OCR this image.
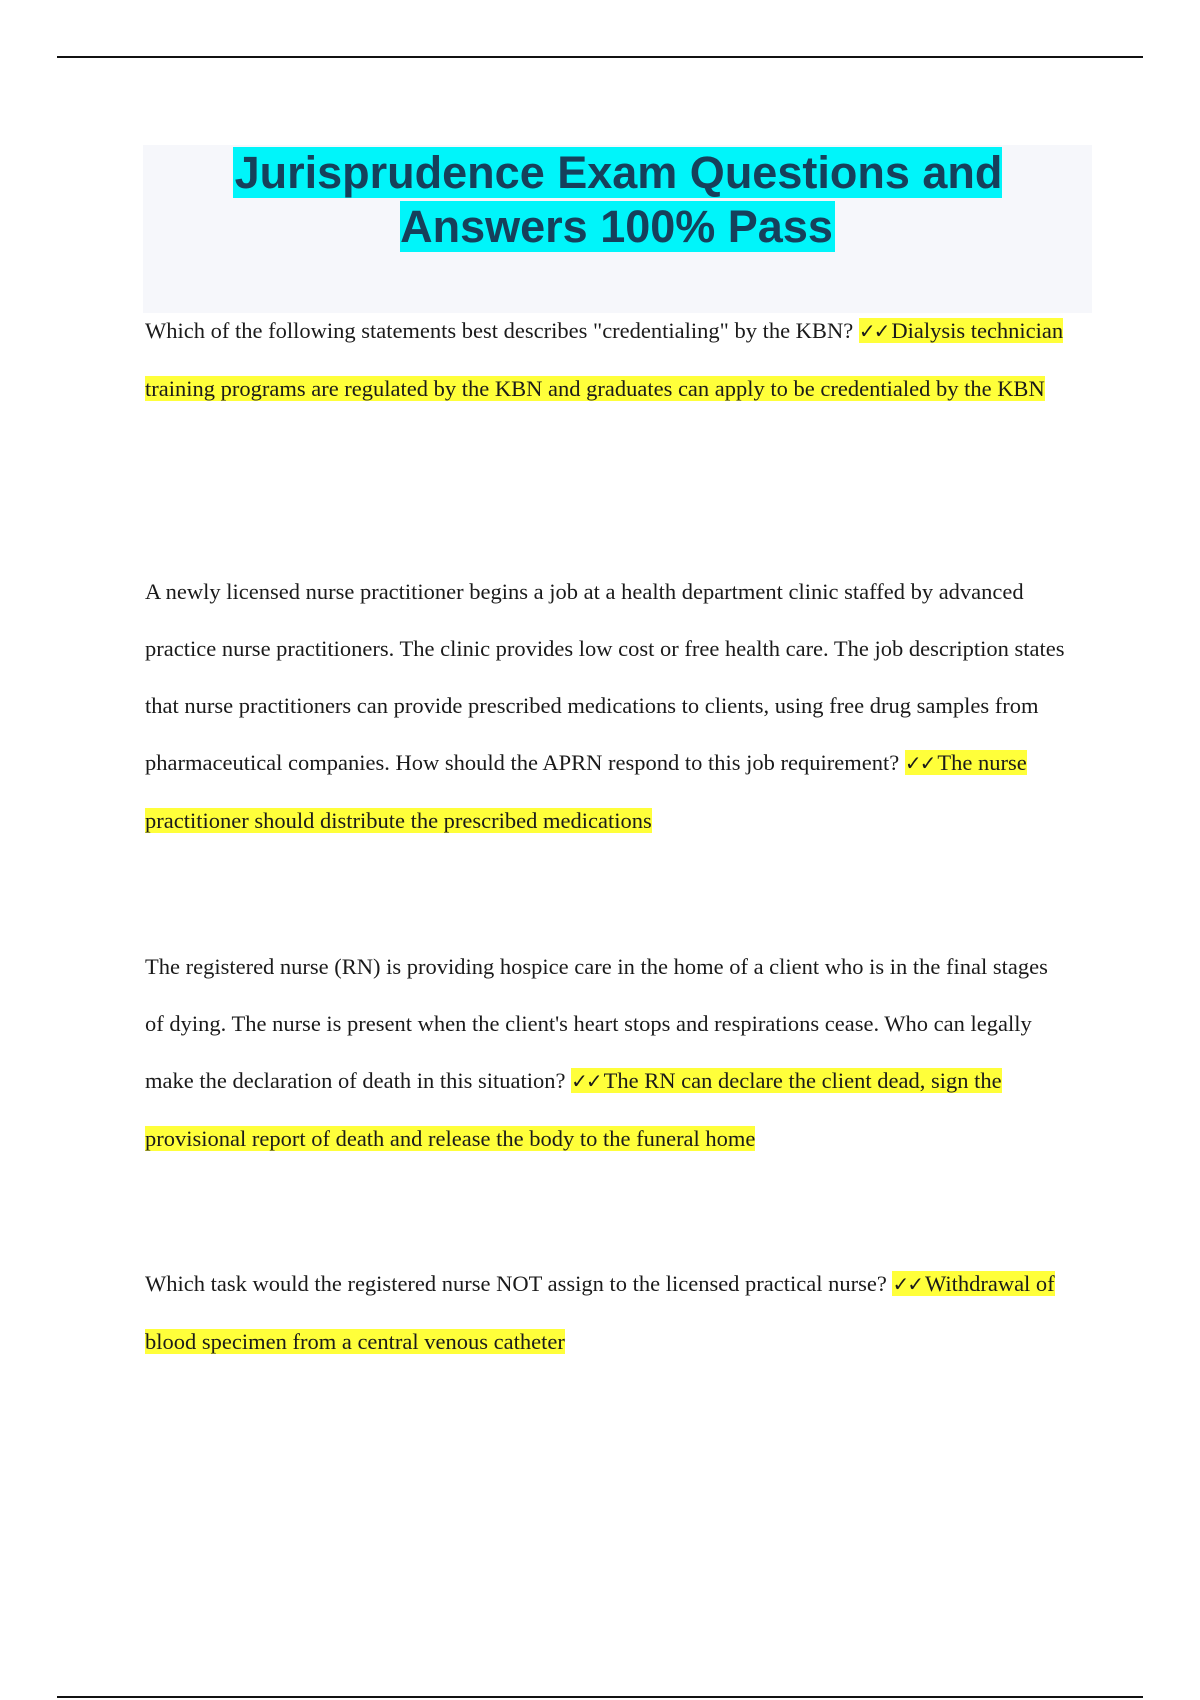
Jurisprudence Exam Questions and Answers 100% Pass

Which of the following statements best describes "credentialing" by the KBN? ✓✓ Dialysis technician training programs are regulated by the KBN and graduates can apply to be credentialed by the KBN

A newly licensed nurse practitioner begins a job at a health department clinic staffed by advanced practice nurse practitioners. The clinic provides low cost or free health care. The job description states that nurse practitioners can provide prescribed medications to clients, using free drug samples from pharmaceutical companies. How should the APRN respond to this job requirement? ✓✓ The nurse practitioner should distribute the prescribed medications

The registered nurse (RN) is providing hospice care in the home of a client who is in the final stages of dying. The nurse is present when the client's heart stops and respirations cease. Who can legally make the declaration of death in this situation? ✓✓ The RN can declare the client dead, sign the provisional report of death and release the body to the funeral home

Which task would the registered nurse NOT assign to the licensed practical nurse? ✓✓ Withdrawal of blood specimen from a central venous catheter
